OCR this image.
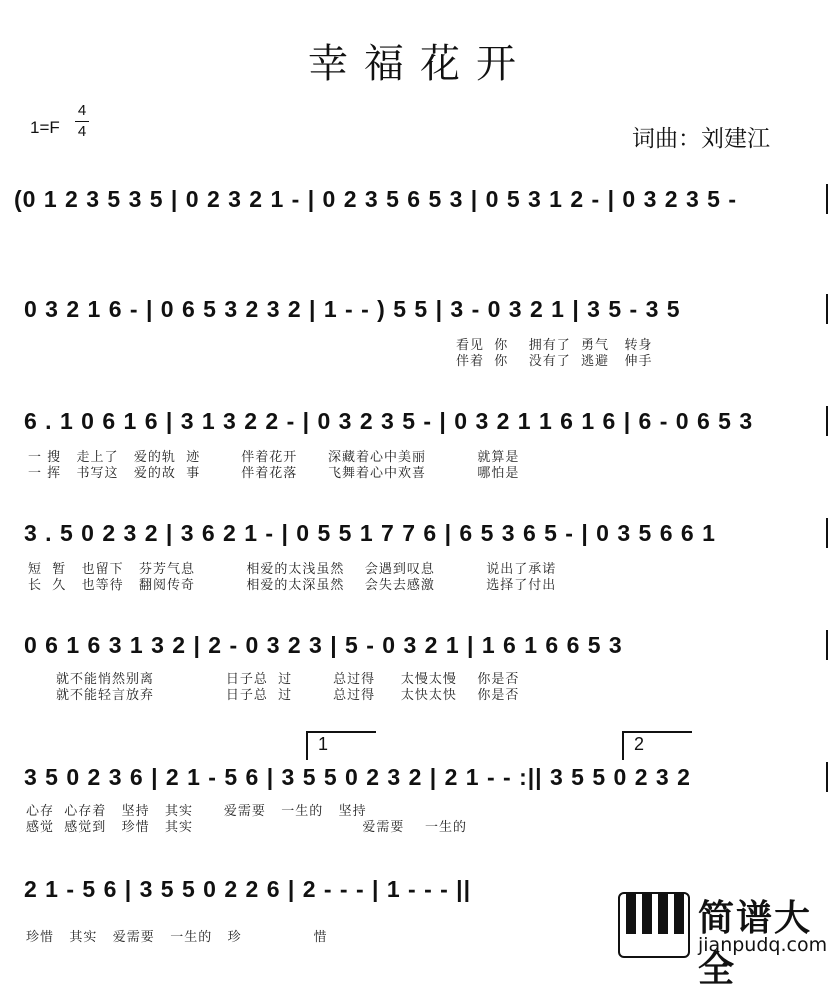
幸福花开
1=F
4
4	词曲：刘建江
(0 1 2 3 5 3 5 | 0 2 3 2 1 - | 0 2 3 5 6 5 3 | 0 5 3 1 2 - | 0 3 2 3 5 -
0 3 2 1 6 - | 0 6 5 3 2 3 2 | 1 - - ) 5 5 | 3 - 0 3 2 1 | 3 5 - 3 5
看见  你    拥有了  勇气   转身
伴着  你    没有了  逃避   伸手
6 . 1 0 6 1 6 | 3 1 3 2 2 - | 0 3 2 3 5 - | 0 3 2 1 1 6 1 6 | 6 - 0 6 5 3
一 搜   走上了   爱的轨  迹        伴着花开      深藏着心中美丽          就算是
一 挥   书写这   爱的故  事        伴着花落      飞舞着心中欢喜          哪怕是
3 . 5 0 2 3 2 | 3 6 2 1 - | 0 5 5 1 7 7 6 | 6 5 3 6 5 - | 0 3 5 6 6 1
短  暂   也留下   芬芳气息          相爱的太浅虽然    会遇到叹息          说出了承诺
长  久   也等待   翻阅传奇          相爱的太深虽然    会失去感激          选择了付出
0 6 1 6 3 1 3 2 | 2 - 0 3 2 3 | 5 - 0 3 2 1 | 1 6 1 6 6 5 3
就不能悄然别离              日子总  过        总过得     太慢太慢    你是否
就不能轻言放弃              日子总  过        总过得     太快太快    你是否
1	2
3 5 0 2 3 6 | 2 1 - 5 6 | 3 5 5 0 2 3 2 | 2 1 - - :|| 3 5 5 0 2 3 2
心存  心存着   坚持   其实      爱需要   一生的   坚持
感觉  感觉到   珍惜   其实                                 爱需要    一生的
2 1 - 5 6 | 3 5 5 0 2 2 6 | 2 - - - | 1 - - - ||
珍惜   其实   爱需要   一生的   珍              惜	简谱大全
jianpudq.com
